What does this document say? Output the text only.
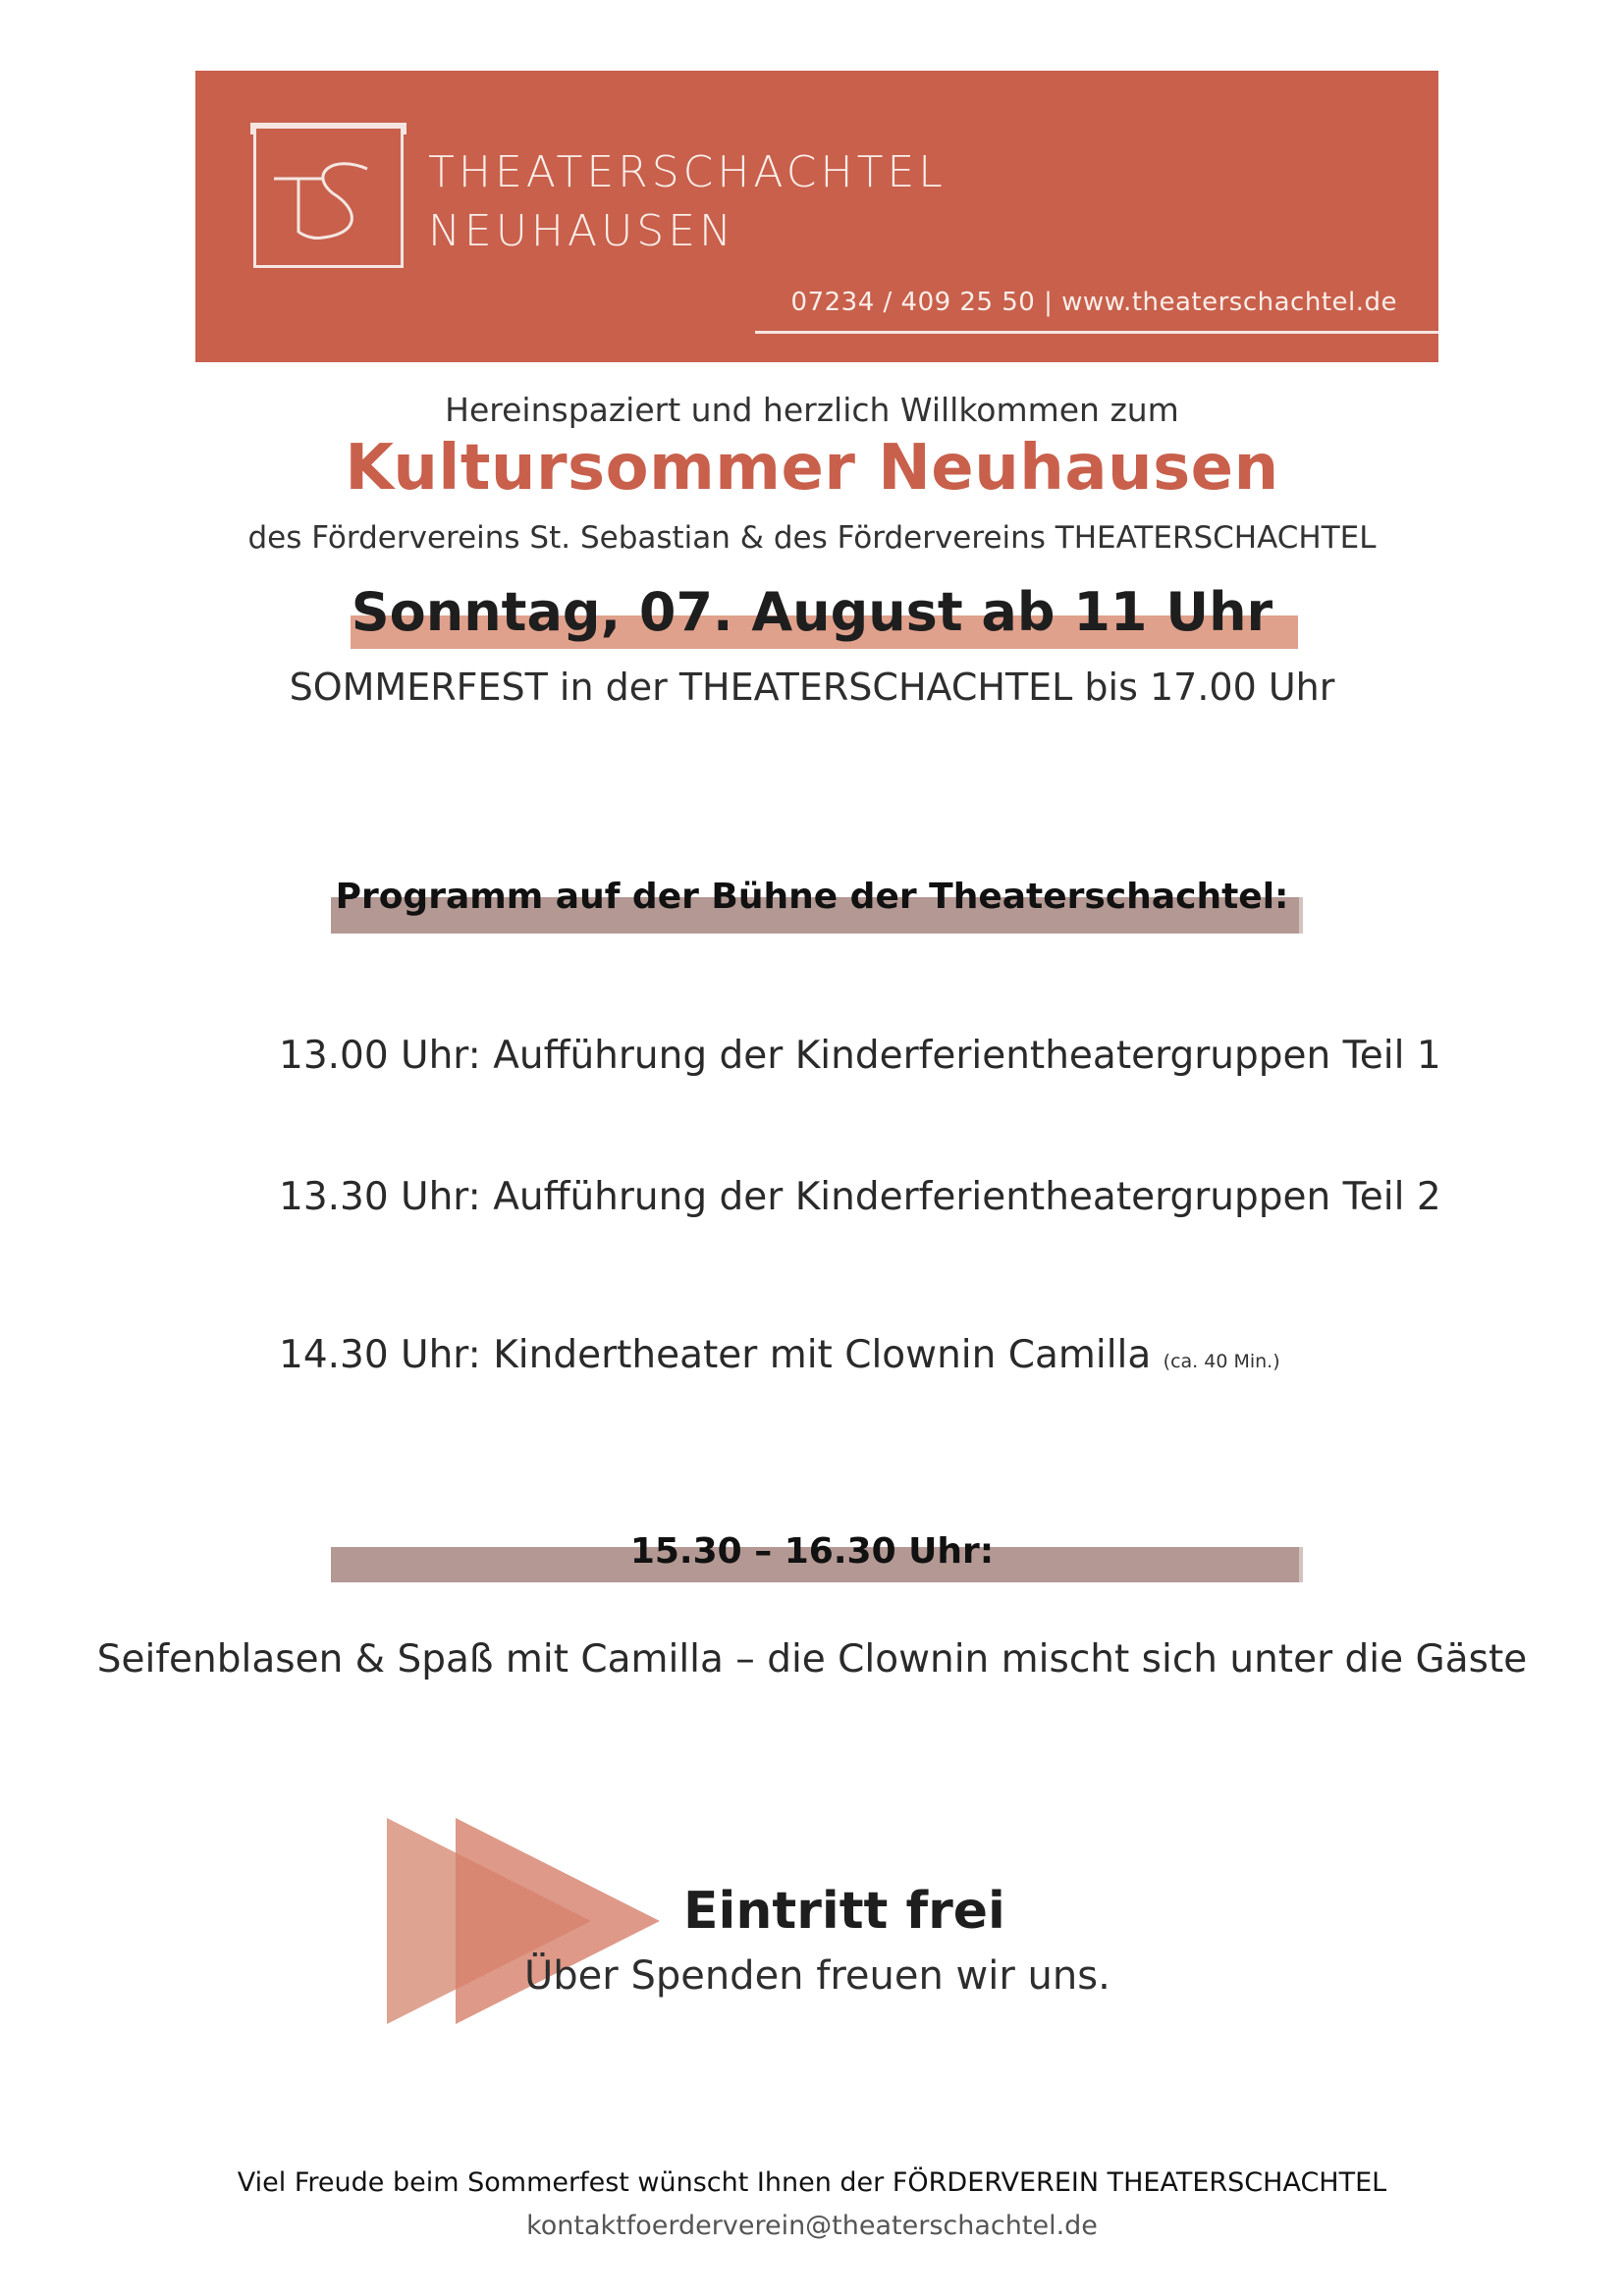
THEATERSCHACHTEL
NEUHAUSEN
07234 / 409 25 50 | www.theaterschachtel.de
Hereinspaziert und herzlich Willkommen zum
Kultursommer Neuhausen
des Fördervereins St. Sebastian & des Fördervereins THEATERSCHACHTEL
Sonntag, 07. August ab 11 Uhr
SOMMERFEST in der THEATERSCHACHTEL bis 17.00 Uhr
Programm auf der Bühne der Theaterschachtel:
13.00 Uhr: Aufführung der Kinderferientheatergruppen Teil 1
13.30 Uhr: Aufführung der Kinderferientheatergruppen Teil 2
14.30 Uhr: Kindertheater mit Clownin Camilla (ca. 40 Min.)
15.30 – 16.30 Uhr:
Seifenblasen & Spaß mit Camilla – die Clownin mischt sich unter die Gäste
Eintritt frei
Über Spenden freuen wir uns.
Viel Freude beim Sommerfest wünscht Ihnen der FÖRDERVEREIN THEATERSCHACHTEL
kontaktfoerderverein@theaterschachtel.de
